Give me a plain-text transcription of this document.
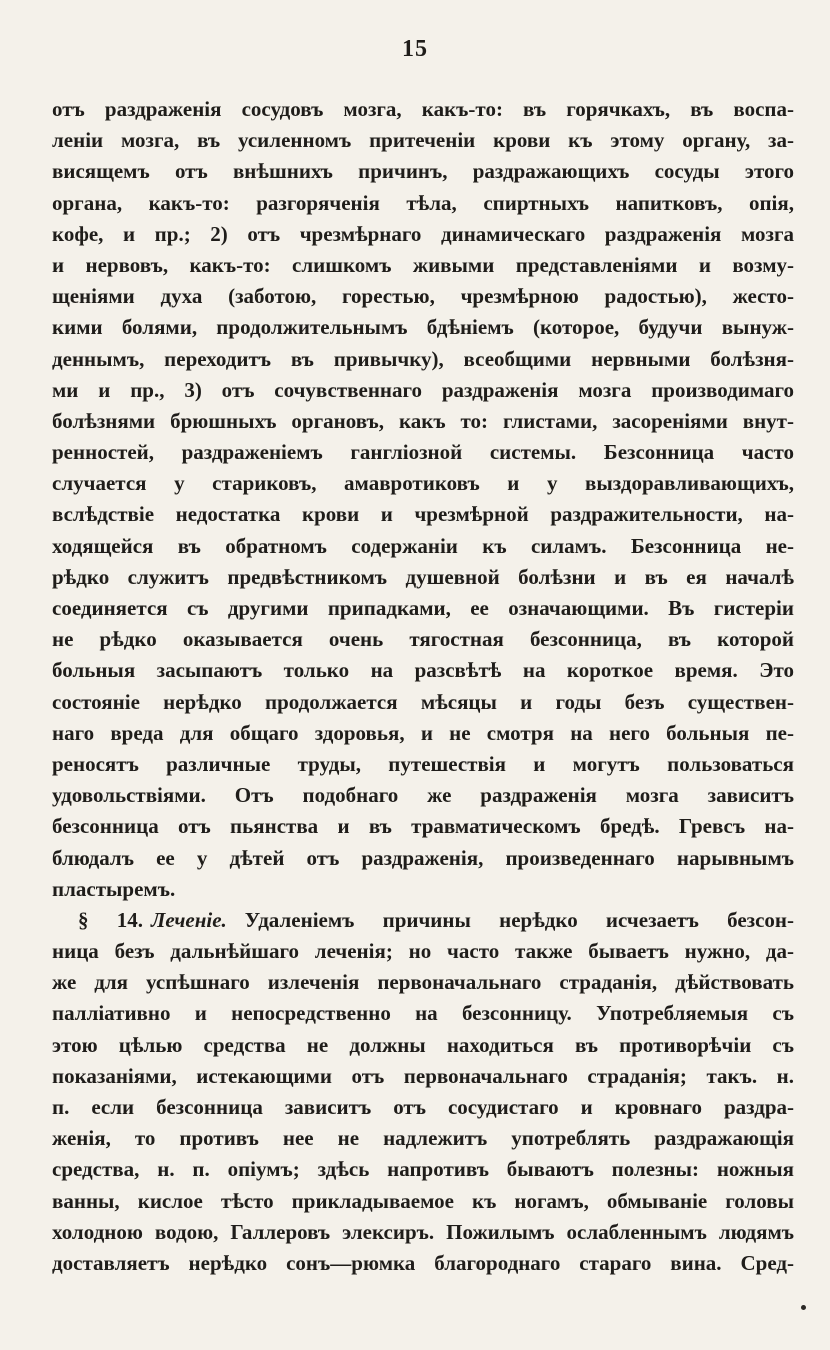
15
отъ раздраженія сосудовъ мозга, какъ-то: въ горячкахъ, въ воспа-
леніи мозга, въ усиленномъ притеченіи крови къ этому органу, за-
висящемъ отъ внѣшнихъ причинъ, раздражающихъ сосуды этого
органа, какъ-то: разгоряченія тѣла, спиртныхъ напитковъ, опія,
кофе, и пр.; 2) отъ чрезмѣрнаго динамическаго раздраженія мозга
и нервовъ, какъ-то: слишкомъ живыми представленіями и возму-
щеніями духа (заботою, горестью, чрезмѣрною радостью), жесто-
кими болями, продолжительнымъ бдѣніемъ (которое, будучи вынуж-
деннымъ, переходитъ въ привычку), всеобщими нервными болѣзня-
ми и пр., 3) отъ сочувственнаго раздраженія мозга производимаго
болѣзнями брюшныхъ органовъ, какъ то: глистами, засореніями внут-
ренностей, раздраженіемъ ганглiозной системы. Безсонница часто
случается у стариковъ, амавротиковъ и у выздоравливающихъ,
вслѣдствіе недостатка крови и чрезмѣрной раздражительности, на-
ходящейся въ обратномъ содержаніи къ силамъ. Безсонница не-
рѣдко служитъ предвѣстникомъ душевной болѣзни и въ ея началѣ
соединяется съ другими припадками, ее означающими. Въ гистеріи
не рѣдко оказывается очень тягостная безсонница, въ которой
больныя засыпаютъ только на разсвѣтѣ на короткое время. Это
состояніе нерѣдко продолжается мѣсяцы и годы безъ существен-
наго вреда для общаго здоровья, и не смотря на него больныя пе-
реносятъ различные труды, путешествія и могутъ пользоваться
удовольствіями. Отъ подобнаго же раздраженія мозга зависитъ
безсонница отъ пьянства и въ травматическомъ бредѣ. Гревсъ на-
блюдалъ ее у дѣтей отъ раздраженія, произведеннаго нарывнымъ
пластыремъ.
§ 14. Леченіе. Удаленіемъ причины нерѣдко исчезаетъ безсон-
ница безъ дальнѣйшаго леченія; но часто также бываетъ нужно, да-
же для успѣшнаго излеченія первоначальнаго страданія, дѣйствовать
палліативно и непосредственно на безсонницу. Употребляемыя съ
этою цѣлью средства не должны находиться въ противорѣчіи съ
показаніями, истекающими отъ первоначальнаго страданія; такъ. н.
п. если безсонница зависитъ отъ сосудистаго и кровнаго раздра-
женія, то противъ нее не надлежитъ употреблять раздражающія
средства, н. п. опіумъ; здѣсь напротивъ бываютъ полезны: ножныя
ванны, кислое тѣсто прикладываемое къ ногамъ, обмываніе головы
холодною водою, Галлеровъ элексиръ. Пожилымъ ослабленнымъ людямъ
доставляетъ нерѣдко сонъ—рюмка благороднаго стараго вина. Сред-
